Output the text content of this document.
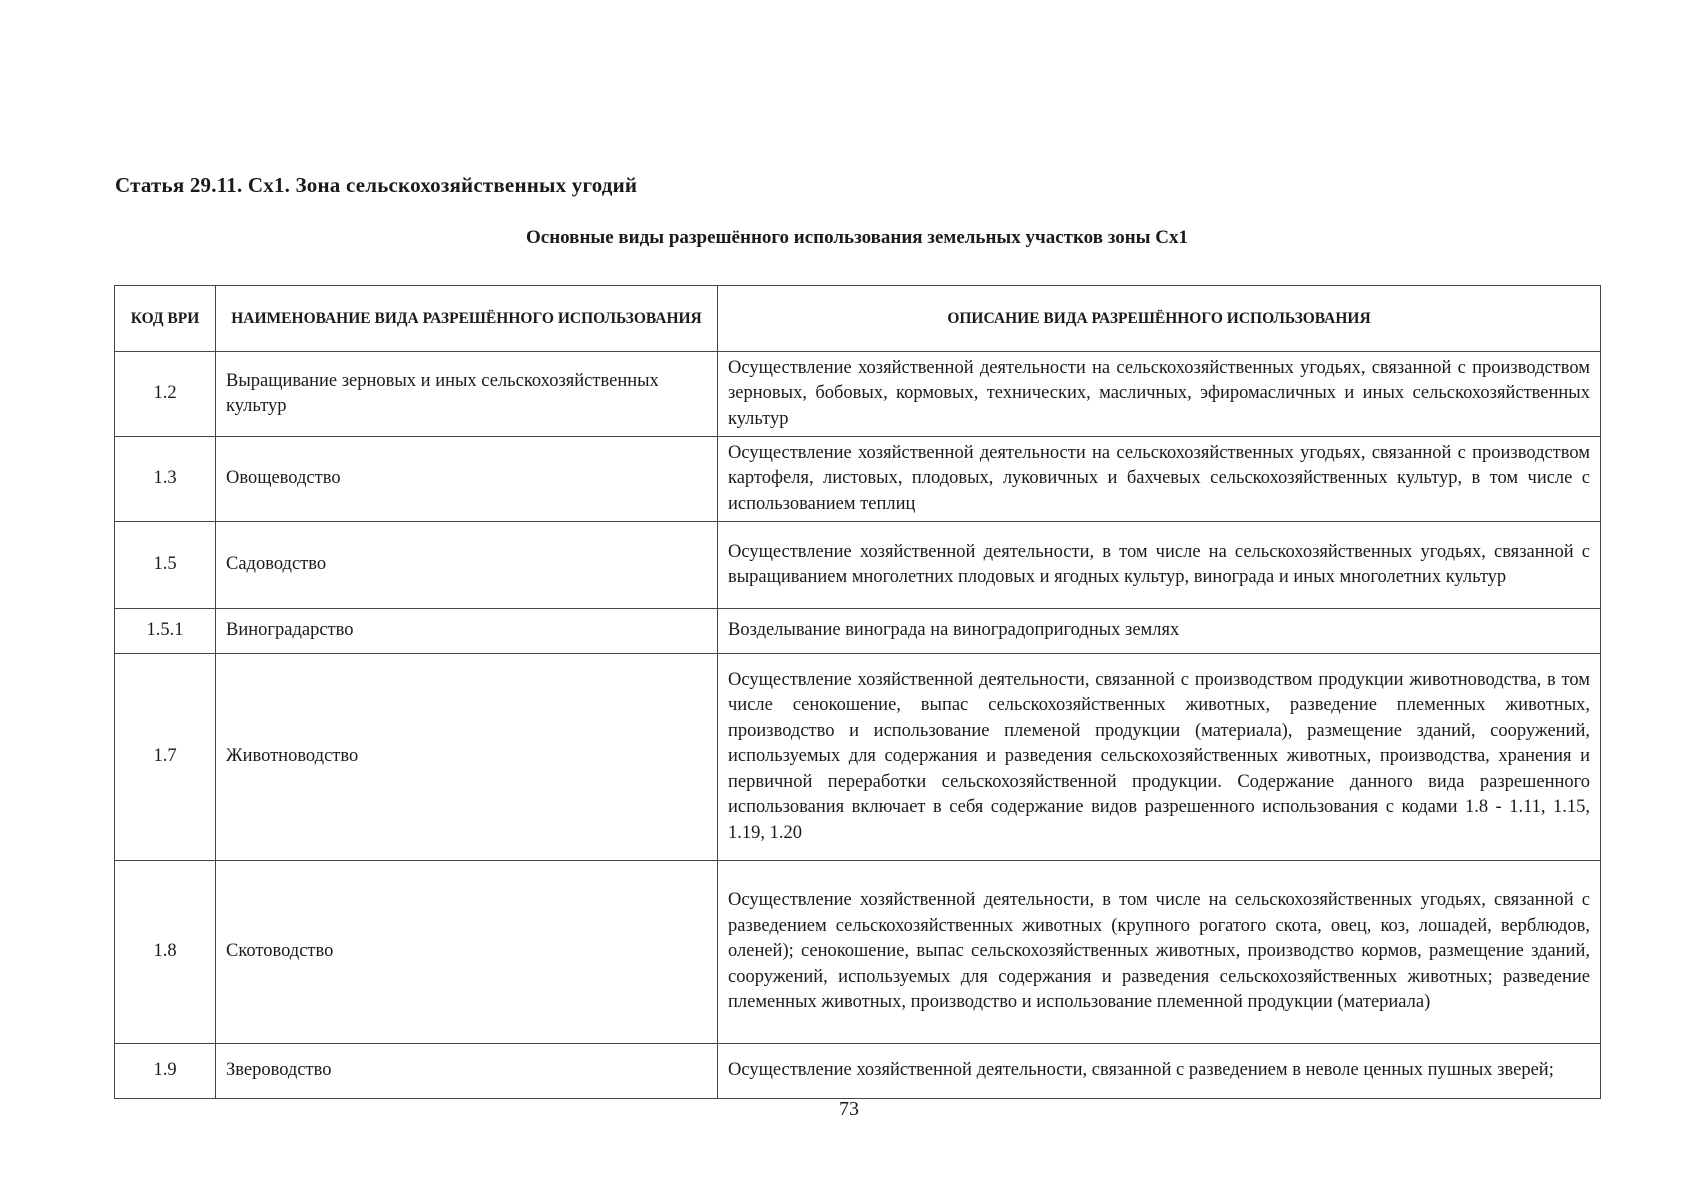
Статья 29.11. Сх1. Зона сельскохозяйственных угодий
Основные виды разрешённого использования земельных участков зоны Сх1
КОД ВРИ	НАИМЕНОВАНИЕ ВИДА РАЗРЕШЁННОГО ИСПОЛЬЗОВАНИЯ	ОПИСАНИЕ ВИДА РАЗРЕШЁННОГО ИСПОЛЬЗОВАНИЯ
1.2	Выращивание зерновых и иных сельскохозяйственных культур	Осуществление хозяйственной деятельности на сельскохозяйственных угодьях, связанной с производством зерновых, бобовых, кормовых, технических, масличных, эфиромасличных и иных сельскохозяйственных культур
1.3	Овощеводство	Осуществление хозяйственной деятельности на сельскохозяйственных угодьях, связанной с производством картофеля, листовых, плодовых, луковичных и бахчевых сельскохозяйственных культур, в том числе с использованием теплиц
1.5	Садоводство	Осуществление хозяйственной деятельности, в том числе на сельскохозяйственных угодьях, связанной с выращиванием многолетних плодовых и ягодных культур, винограда и иных многолетних культур
1.5.1	Виноградарство	Возделывание винограда на виноградопригодных землях
1.7	Животноводство	Осуществление хозяйственной деятельности, связанной с производством продукции животноводства, в том числе сенокошение, выпас сельскохозяйственных животных, разведение племенных животных, производство и использование племеной продукции (материала), размещение зданий, сооружений, используемых для содержания и разведения сельскохозяйственных животных, производства, хранения и первичной переработки сельскохозяйственной продукции. Содержание данного вида разрешенного использования включает в себя содержание видов разрешенного использования с кодами 1.8 - 1.11, 1.15, 1.19, 1.20
1.8	Скотоводство	Осуществление хозяйственной деятельности, в том числе на сельскохозяйственных угодьях, связанной с разведением сельскохозяйственных животных (крупного рогатого скота, овец, коз, лошадей, верблюдов, оленей); сенокошение, выпас сельскохозяйственных животных, производство кормов, размещение зданий, сооружений, используемых для содержания и разведения сельскохозяйственных животных; разведение племенных животных, производство и использование племенной продукции (материала)
1.9	Звероводство	Осуществление хозяйственной деятельности, связанной с разведением в неволе ценных пушных зверей;
73
